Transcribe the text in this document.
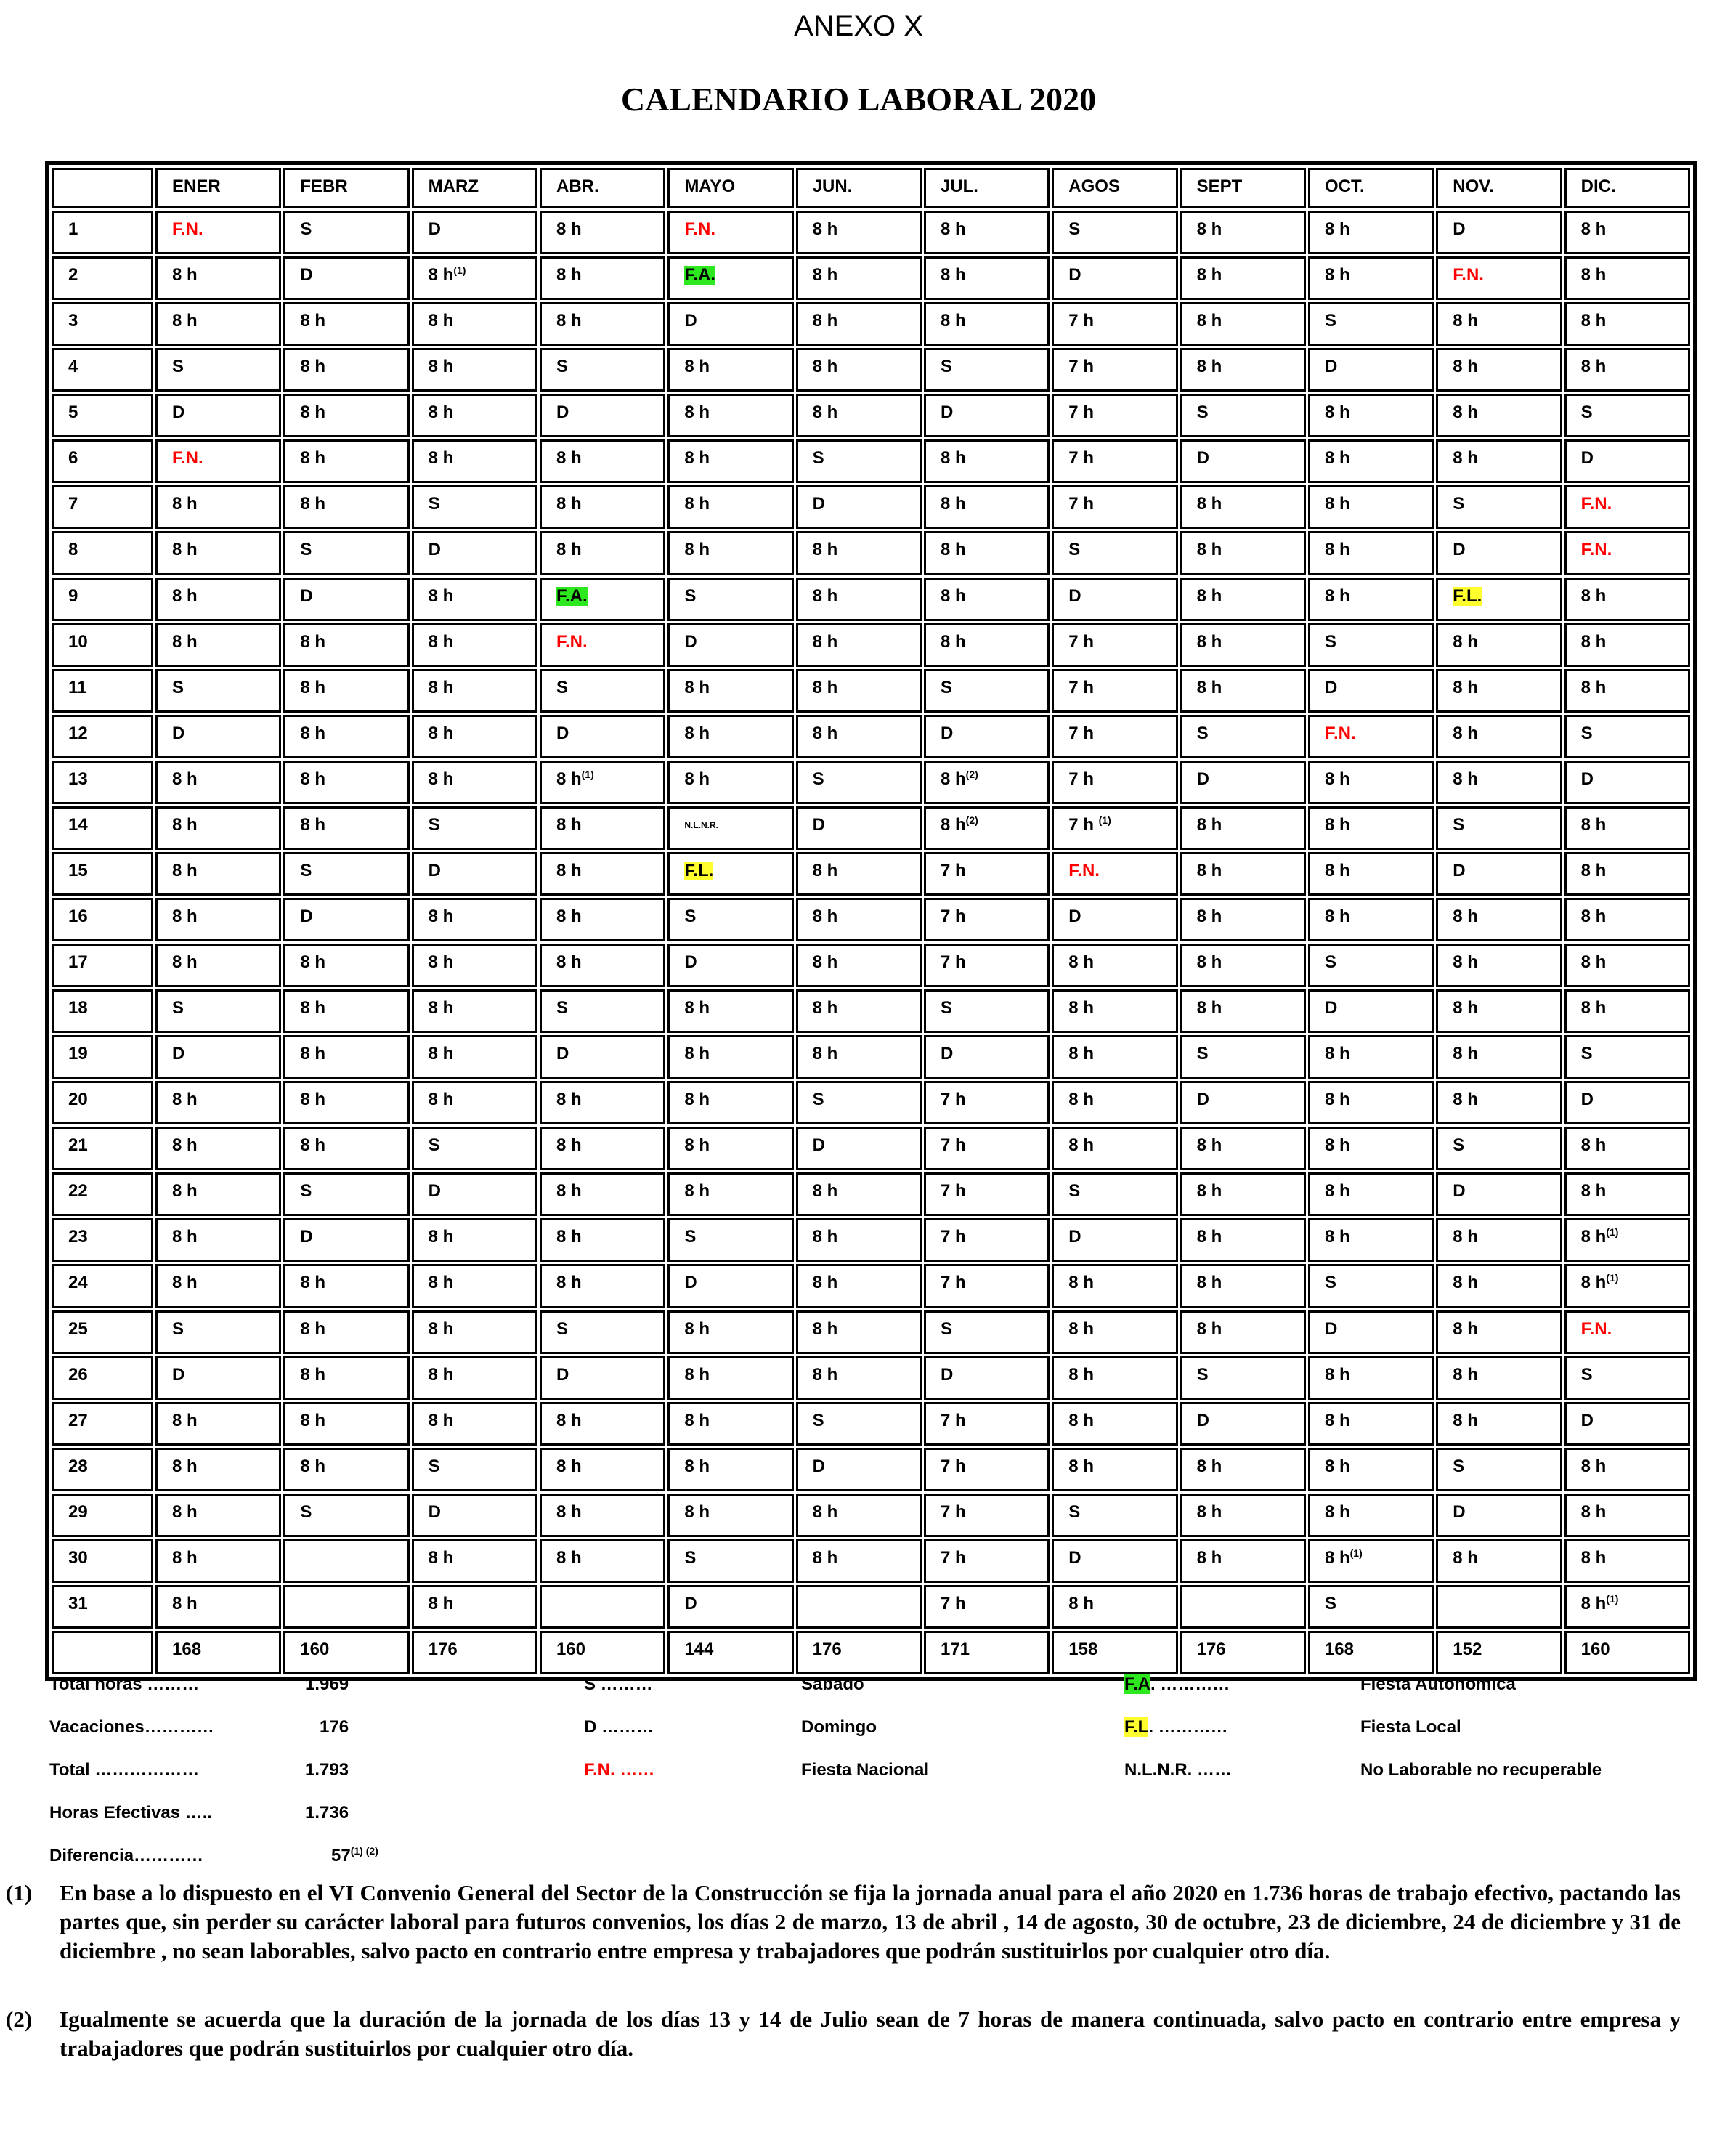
ANEXO X
CALENDARIO LABORAL 2020
	ENER	FEBR	MARZ	ABR.	MAYO	JUN.	JUL.	AGOS	SEPT	OCT.	NOV.	DIC.
1	F.N.	S	D	8 h	F.N.	8 h	8 h	S	8 h	8 h	D	8 h
2	8 h	D	8 $h^{(1)}$	8 h	F.A.	8 h	8 h	D	8 h	8 h	F.N.	8 h
3	8 h	8 h	8 h	8 h	D	8 h	8 h	7 h	8 h	S	8 h	8 h
4	S	8 h	8 h	S	8 h	8 h	S	7 h	8 h	D	8 h	8 h
5	D	8 h	8 h	D	8 h	8 h	D	7 h	S	8 h	8 h	S
6	F.N.	8 h	8 h	8 h	8 h	S	8 h	7 h	D	8 h	8 h	D
7	8 h	8 h	S	8 h	8 h	D	8 h	7 h	8 h	8 h	S	F.N.
8	8 h	S	D	8 h	8 h	8 h	8 h	S	8 h	8 h	D	F.N.
9	8 h	D	8 h	F.A.	S	8 h	8 h	D	8 h	8 h	F.L.	8 h
10	8 h	8 h	8 h	F.N.	D	8 h	8 h	7 h	8 h	S	8 h	8 h
11	S	8 h	8 h	S	8 h	8 h	S	7 h	8 h	D	8 h	8 h
12	D	8 h	8 h	D	8 h	8 h	D	7 h	S	F.N.	8 h	S
13	8 h	8 h	8 h	8 $h^{(1)}$	8 h	S	8 $h^{(2)}$	7 h	D	8 h	8 h	D
14	8 h	8 h	S	8 h	N.L.N.R.	D	8 $h^{(2)}$	7 h $^{(1)}$	8 h	8 h	S	8 h
15	8 h	S	D	8 h	F.L.	8 h	7 h	F.N.	8 h	8 h	D	8 h
16	8 h	D	8 h	8 h	S	8 h	7 h	D	8 h	8 h	8 h	8 h
17	8 h	8 h	8 h	8 h	D	8 h	7 h	8 h	8 h	S	8 h	8 h
18	S	8 h	8 h	S	8 h	8 h	S	8 h	8 h	D	8 h	8 h
19	D	8 h	8 h	D	8 h	8 h	D	8 h	S	8 h	8 h	S
20	8 h	8 h	8 h	8 h	8 h	S	7 h	8 h	D	8 h	8 h	D
21	8 h	8 h	S	8 h	8 h	D	7 h	8 h	8 h	8 h	S	8 h
22	8 h	S	D	8 h	8 h	8 h	7 h	S	8 h	8 h	D	8 h
23	8 h	D	8 h	8 h	S	8 h	7 h	D	8 h	8 h	8 h	8 $h^{(1)}$
24	8 h	8 h	8 h	8 h	D	8 h	7 h	8 h	8 h	S	8 h	8 $h^{(1)}$
25	S	8 h	8 h	S	8 h	8 h	S	8 h	8 h	D	8 h	F.N.
26	D	8 h	8 h	D	8 h	8 h	D	8 h	S	8 h	8 h	S
27	8 h	8 h	8 h	8 h	8 h	S	7 h	8 h	D	8 h	8 h	D
28	8 h	8 h	S	8 h	8 h	D	7 h	8 h	8 h	8 h	S	8 h
29	8 h	S	D	8 h	8 h	8 h	7 h	S	8 h	8 h	D	8 h
30	8 h		8 h	8 h	S	8 h	7 h	D	8 h	8 $h^{(1)}$	8 h	8 h
31	8 h		8 h		D		7 h	8 h		S		8 $h^{(1)}$
	168	160	176	160	144	176	171	158	176	168	152	160
Total horas ………	1.969
Vacaciones…………	176
Total ………………	1.793
Horas Efectivas …..	1.736
Diferencia…………	$57^{(1) (2)}$
S ………	Sábado
D ………	Domingo
F.N. ……	Fiesta Nacional
F.A. …………	Fiesta Autonómica
F.L. …………	Fiesta Local
N.L.N.R. ……	No Laborable no recuperable
(1) En base a lo dispuesto en el VI Convenio General del Sector de la Construcción se fija la jornada anual para el año 2020 en 1.736 horas de trabajo efectivo, pactando las partes que, sin perder su carácter laboral para futuros convenios, los días 2 de marzo, 13 de abril , 14 de agosto, 30 de octubre, 23 de diciembre, 24 de diciembre y 31 de diciembre , no sean laborables, salvo pacto en contrario entre empresa y trabajadores que podrán sustituirlos por cualquier otro día.
(2) Igualmente se acuerda que la duración de la jornada de los días 13 y 14 de Julio sean de 7 horas de manera continuada, salvo pacto en contrario entre empresa y trabajadores que podrán sustituirlos por cualquier otro día.
